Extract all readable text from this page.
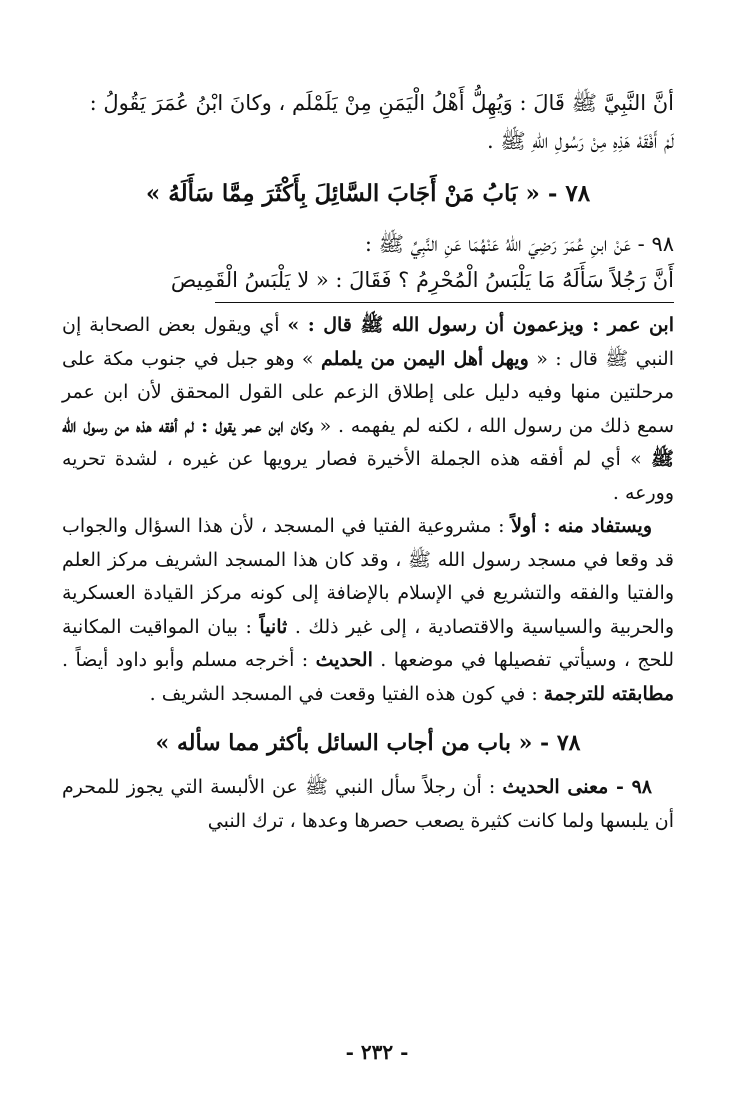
أنَّ النَّبِيَّ ﷺ قَالَ : وَيُهِلُّ أَهْلُ الْيَمَنِ مِنْ يَلَمْلَم ، وكانَ ابْنُ عُمَرَ يَقُولُ :
لَمْ أَفْقَهْ هَذِهِ مِنْ رَسُولِ اللهِ ﷺ .

٧٨ - « بَابُ مَنْ أَجَابَ السَّائِلَ بِأَكْثَرَ مِمَّا سَأَلَهُ »

٩٨ - عَنْ ابنِ عُمَرَ رَضِيَ اللهُ عَنْهُمَا عَنِ النَّبِيِّ ﷺ :

أَنَّ رَجُلاً سَأَلَهُ مَا يَلْبَسُ الْمُحْرِمُ ؟ فَقَالَ : « لا يَلْبَسُ الْقَمِيصَ

ابن عمر : ويزعمون أن رسول الله ﷺ قال : » أي ويقول بعض الصحابة إن النبي ﷺ قال : « ويهل أهل اليمن من يلملم » وهو جبل في جنوب مكة على مرحلتين منها وفيه دليل على إطلاق الزعم على القول المحقق لأن ابن عمر سمع ذلك من رسول الله ، لكنه لم يفهمه . « وكان ابن عمر يقول : لم أفقه هذه من رسول الله ﷺ » أي لم أفقه هذه الجملة الأخيرة فصار يرويها عن غيره ، لشدة تحريه وورعه .

ويستفاد منه : أولاً : مشروعية الفتيا في المسجد ، لأن هذا السؤال والجواب قد وقعا في مسجد رسول الله ﷺ ، وقد كان هذا المسجد الشريف مركز العلم والفتيا والفقه والتشريع في الإسلام بالإضافة إلى كونه مركز القيادة العسكرية والحربية والسياسية والاقتصادية ، إلى غير ذلك . ثانياً : بيان المواقيت المكانية للحج ، وسيأتي تفصيلها في موضعها . الحديث : أخرجه مسلم وأبو داود أيضاً . مطابقته للترجمة : في كون هذه الفتيا وقعت في المسجد الشريف .

٧٨ - « باب من أجاب السائل بأكثر مما سأله »

٩٨ - معنى الحديث : أن رجلاً سأل النبي ﷺ عن الألبسة التي يجوز للمحرم أن يلبسها ولما كانت كثيرة يصعب حصرها وعدها ، ترك النبي

- ٢٣٢ -
